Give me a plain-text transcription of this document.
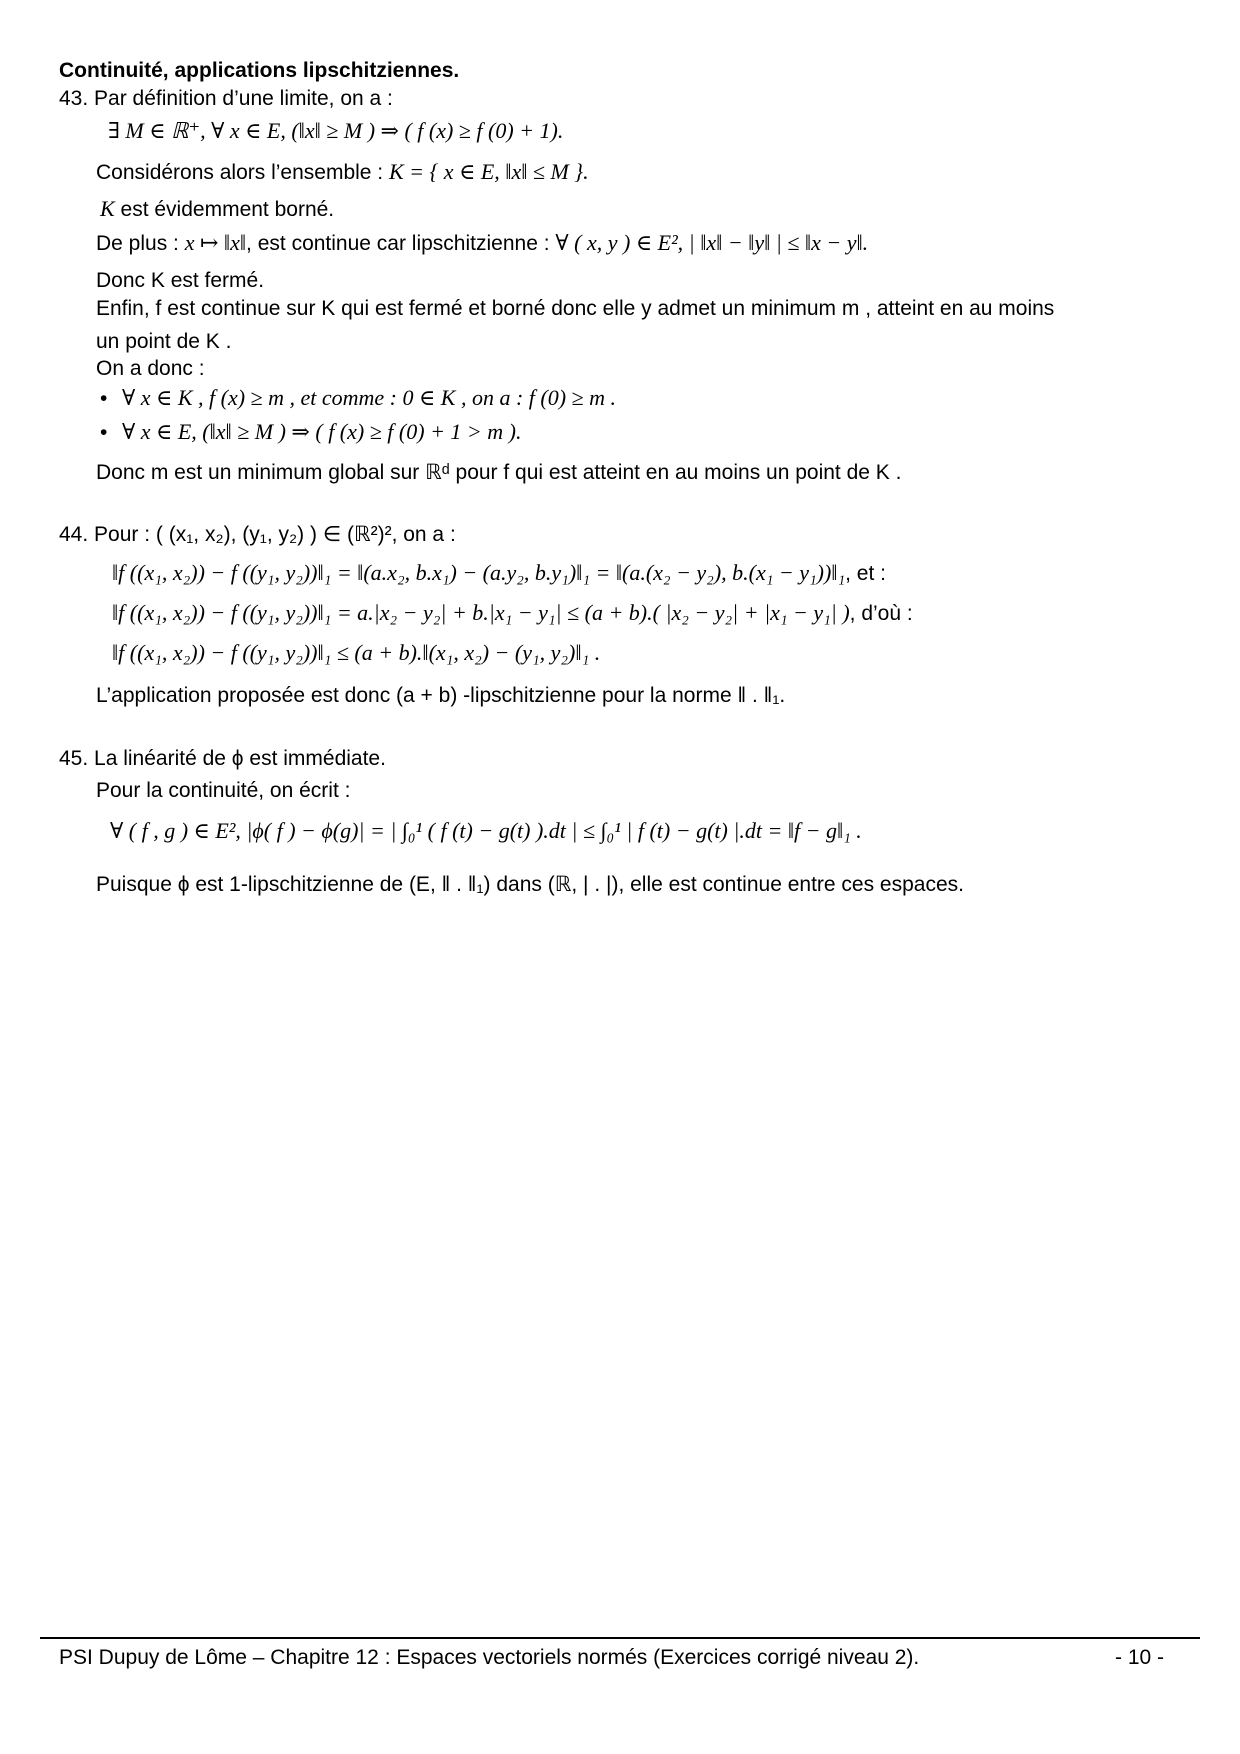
Continuité, applications lipschitziennes.
43. Par définition d’une limite, on a :
∃ M ∈ ℝ⁺, ∀ x ∈ E, (‖x‖ ≥ M ) ⇒ ( f (x) ≥ f (0) + 1).
Considérons alors l’ensemble : K = { x ∈ E, ‖x‖ ≤ M }.
K est évidemment borné.
De plus : x ↦ ‖x‖, est continue car lipschitzienne : ∀ ( x, y ) ∈ E², | ‖x‖ − ‖y‖ | ≤ ‖x − y‖.
Donc K est fermé.
Enfin, f est continue sur K qui est fermé et borné donc elle y admet un minimum m , atteint en au moins
un point de K .
On a donc :
• ∀ x ∈ K , f (x) ≥ m , et comme : 0 ∈ K , on a : f (0) ≥ m .
• ∀ x ∈ E, (‖x‖ ≥ M ) ⇒ ( f (x) ≥ f (0) + 1 > m ).
Donc m est un minimum global sur ℝᵈ pour f qui est atteint en au moins un point de K .
44. Pour : ( (x₁, x₂), (y₁, y₂) ) ∈ (ℝ²)², on a :
‖f ((x₁, x₂)) − f ((y₁, y₂))‖₁ = ‖(a.x₂, b.x₁) − (a.y₂, b.y₁)‖₁ = ‖(a.(x₂ − y₂), b.(x₁ − y₁))‖₁, et :
‖f ((x₁, x₂)) − f ((y₁, y₂))‖₁ = a.|x₂ − y₂| + b.|x₁ − y₁| ≤ (a + b).( |x₂ − y₂| + |x₁ − y₁| ), d’où :
‖f ((x₁, x₂)) − f ((y₁, y₂))‖₁ ≤ (a + b).‖(x₁, x₂) − (y₁, y₂)‖₁ .
L’application proposée est donc (a + b) -lipschitzienne pour la norme ‖ . ‖₁.
45. La linéarité de ϕ est immédiate.
Pour la continuité, on écrit :
∀ ( f , g ) ∈ E², |ϕ( f ) − ϕ(g)| = | ∫₀¹ ( f (t) − g(t) ).dt | ≤ ∫₀¹ | f (t) − g(t) |.dt = ‖f − g‖₁ .
Puisque ϕ est 1-lipschitzienne de (E, ‖ . ‖₁) dans (ℝ, | . |), elle est continue entre ces espaces.
PSI Dupuy de Lôme – Chapitre 12 : Espaces vectoriels normés (Exercices corrigé niveau 2).	- 10 -
